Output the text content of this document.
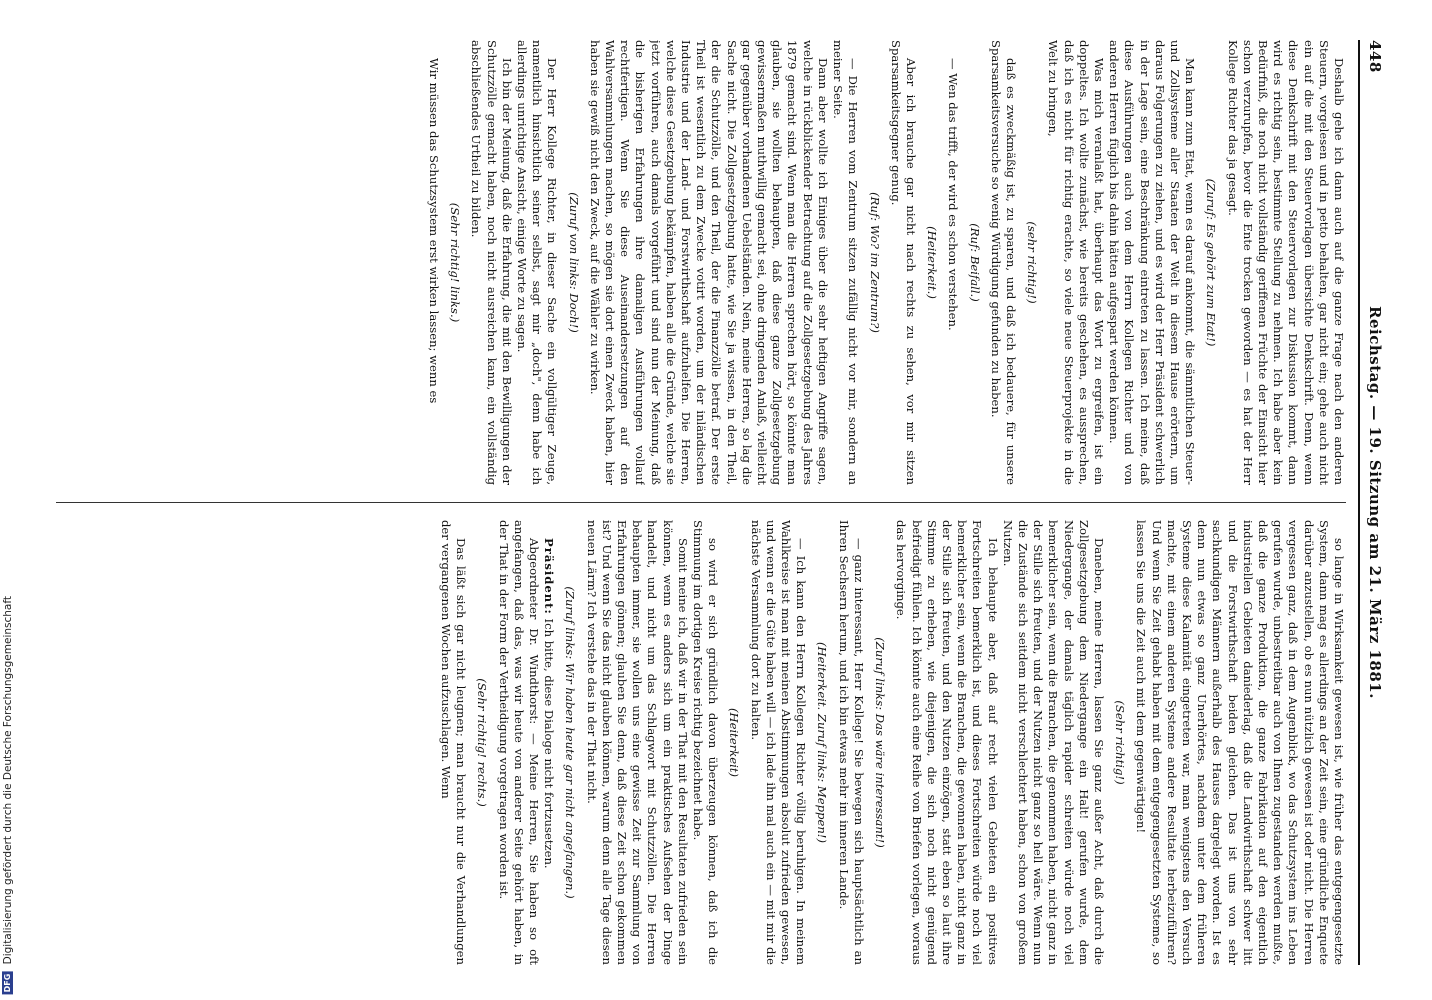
448
Reichstag. — 19. Sitzung am 21. März 1881.

Deshalb gehe ich dann auch auf die ganze Frage nach den anderen Steuern, vorgelesen und in petto behalten, gar nicht ein; gehe auch nicht ein auf die mit den Steuervorlagen übersichte Denkschrift. Denn, wenn diese Denkschrift mit den Steuervorlagen zur Diskussion kommt, dann wird es richtig sein, bestimmte Stellung zu nehmen. Ich habe aber kein Bedürfniß, die noch nicht vollständig geriffenen Früchte der Einsicht hier schon verzurupfen, bevor die Ente trocken geworden — es hat der Herr Kollege Richter das ja gesagt.

(Zuruf: Es gehört zum Etat!)

Man kann zum Etat, wenn es darauf ankommt, die sämmtlichen Steuer- und Zollsysteme aller Staaten der Welt in diesem Hause erörtern, um daraus Folgerungen zu ziehen, und es wird der Herr Präsident schwerlich in der Lage sein, eine Beschränkung eintreten zu lassen. Ich meine, daß diese Ausführungen auch von dem Herrn Kollegen Richter und von anderen Herren füglich bis dahin hätten aufgespart werden können.

Was mich veranlaßt hat, überhaupt das Wort zu ergreifen, ist ein doppeltes. Ich wollte zunächst, wie bereits geschehen, es aussprechen, daß ich es nicht für richtig erachte, so viele neue Steuerprojekte in die Welt zu bringen,

(sehr richtig!)

daß es zweckmäßig ist, zu sparen, und daß ich bedauere, für unsere Sparsamkeitsversuche so wenig Würdigung gefunden zu haben.

(Ruf: Beifall.)

— Wen das trifft, der wird es schon verstehen.

(Heiterkeit.)

Aber ich brauche gar nicht nach rechts zu sehen, vor mir sitzen Sparsamkeitsgegner genug.

(Ruf: Wo? im Zentrum?)

— Die Herren vom Zentrum sitzen zufällig nicht vor mir, sondern an meiner Seite.

Dann aber wollte ich Einiges über die sehr heftigen Angriffe sagen, welche in rückblickender Betrachtung auf die Zollgesetzgebung des Jahres 1879 gemacht sind. Wenn man die Herren sprechen hört, so könnte man glauben, sie wollten behaupten, daß diese ganze Zollgesetzgebung gewissermaßen muthwillig gemacht sei, ohne dringenden Anlaß, vielleicht gar gegenüber vorhandenen Uebelständen. Nein, meine Herren, so lag die Sache nicht. Die Zollgesetzgebung hatte, wie Sie ja wissen, in den Theil, der die Schutzzölle, und den Theil, der die Finanzzölle betraf. Der erste Theil ist wesentlich zu dem Zwecke votirt worden, um der inländischen Industrie und der Land- und Forstwirthschaft aufzuhelfen. Die Herren, welche diese Gesetzgebung bekämpfen, haben alle die Gründe, welche sie jetzt vorführen, auch damals vorgeführt und sind nun der Meinung, daß die bisherigen Erfahrungen ihre damaligen Ausführungen vollauf rechtfertigen. Wenn Sie diese Auseinandersetzungen auf den Wahlversammlungen machen, so mögen sie dort einen Zweck haben, hier haben sie gewiß nicht den Zweck, auf die Wähler zu wirken.

(Zuruf von links: Doch!)

Der Herr Kollege Richter, in dieser Sache ein vollgültiger Zeuge, namentlich hinsichtlich seiner selbst, sagt mir „doch", denn habe ich allerdings unrichtige Ansicht, einige Worte zu sagen.

Ich bin der Meinung, daß die Erfahrung, die mit den Bewilligungen der Schutzzölle gemacht haben, noch nicht ausreichen kann, ein vollständig abschließendes Urtheil zu bilden.

(Sehr richtig! links.)

Wir müssen das Schutzsystem erst wirken lassen; wenn es

so lange in Wirksamkeit gewesen ist, wie früher das entgegengesetzte System, dann mag es allerdings an der Zeit sein, eine gründliche Enquete darüber anzustellen, ob es nun nützlich gewesen ist oder nicht. Die Herren vergessen ganz, daß in dem Augenblick, wo das Schutzsystem ins Leben gerufen wurde, unbestreitbar auch von Ihnen zugestanden werden mußte, daß die ganze Produktion, die ganze Fabrikation auf den eigentlich industriellen Gebieten daniederlag, daß die Landwirthschaft schwer litt und die Forstwirthschaft beiden gleichen. Das ist uns von sehr sachkundigen Männern außerhalb des Hauses dargelegt worden. Ist es denn nun etwas so ganz Unerhörtes, nachdem unter dem früheren Systeme diese Kalamität eingetreten war, man wenigstens den Versuch machte, mit einem anderen Systeme andere Resultate herbeizuführen? Und wenn Sie Zeit gehabt haben mit dem entgegengesetzten Systeme, so lassen Sie uns die Zeit auch mit dem gegenwärtigen!

(Sehr richtig!)

Daneben, meine Herren, lassen Sie ganz außer Acht, daß durch die Zollgesetzgebung dem Niedergange ein Halt! gerufen wurde, dem Niedergange, der damals täglich rapider schreiten würde noch viel bemerklicher sein, wenn die Branchen, die genommen haben, nicht ganz in der Stille sich freuten, und der Nutzen nicht ganz so hell wäre. Wenn nun die Zustände sich seitdem nicht verschlechtert haben, schon von großem Nutzen.

Ich behaupte aber, daß auf recht vielen Gebieten ein positives Fortschreiten bemerklich ist, und dieses Fortschreiten würde noch viel bemerklicher sein, wenn die Branchen, die gewonnen haben, nicht ganz in der Stille sich freuten, und den Nutzen einzögen, statt eben so laut ihre Stimme zu erheben, wie diejenigen, die sich noch nicht genügend befriedigt fühlen. Ich könnte auch eine Reihe von Briefen vorlegen, woraus das hervorginge.

(Zuruf links: Das wäre interessant!)

— ganz interessant, Herr Kollege! Sie bewegen sich hauptsächtlich an Ihren Sechsern herum, und ich bin etwas mehr im inneren Lande.

(Heiterkeit. Zuruf links: Meppen!)

— Ich kann den Herrn Kollegen Richter völlig beruhigen. In meinem Wahlkreise ist man mit meinen Abstimmungen absolut zufrieden gewesen, und wenn er die Güte haben will — ich lade ihn mal auch ein — mit mir die nächste Versammlung dort zu halten.

(Heiterkeit)

so wird er sich gründlich davon überzeugen können, daß ich die Stimmung im dortigen Kreise richtig bezeichnet habe.

Somit meine ich, daß wir in der That mit den Resultaten zufrieden sein können, wenn es anders sich um ein praktisches Aufsehen der Dinge handelt, und nicht um das Schlagwort mit Schutzzöllen. Die Herren behaupten immer, sie wollen uns eine gewisse Zeit zur Sammlung von Erfahrungen gönnen; glauben Sie denn, daß diese Zeit schon gekommen ist? Und wenn Sie das nicht glauben können, warum denn alle Tage diesen neuen Lärm? Ich verstehe das in der That nicht.

(Zuruf links: Wir haben heute gar nicht angefangen.)

Präsident: Ich bitte, diese Dialoge nicht fortzusetzen.

Abgeordneter Dr. Windthorst: — Meine Herren, Sie haben so oft angefangen, daß das, was wir heute von anderer Seite gehört haben, in der That in der Form der Vertheidigung vorgetragen worden ist.

(Sehr richtig! rechts.)

Das läßt sich gar nicht leugnen; man braucht nur die Verhandlungen der vergangenen Wochen aufzuschlagen. Wenn

DFG Digitalisierung gefördert durch die Deutsche Forschungsgemeinschaft
